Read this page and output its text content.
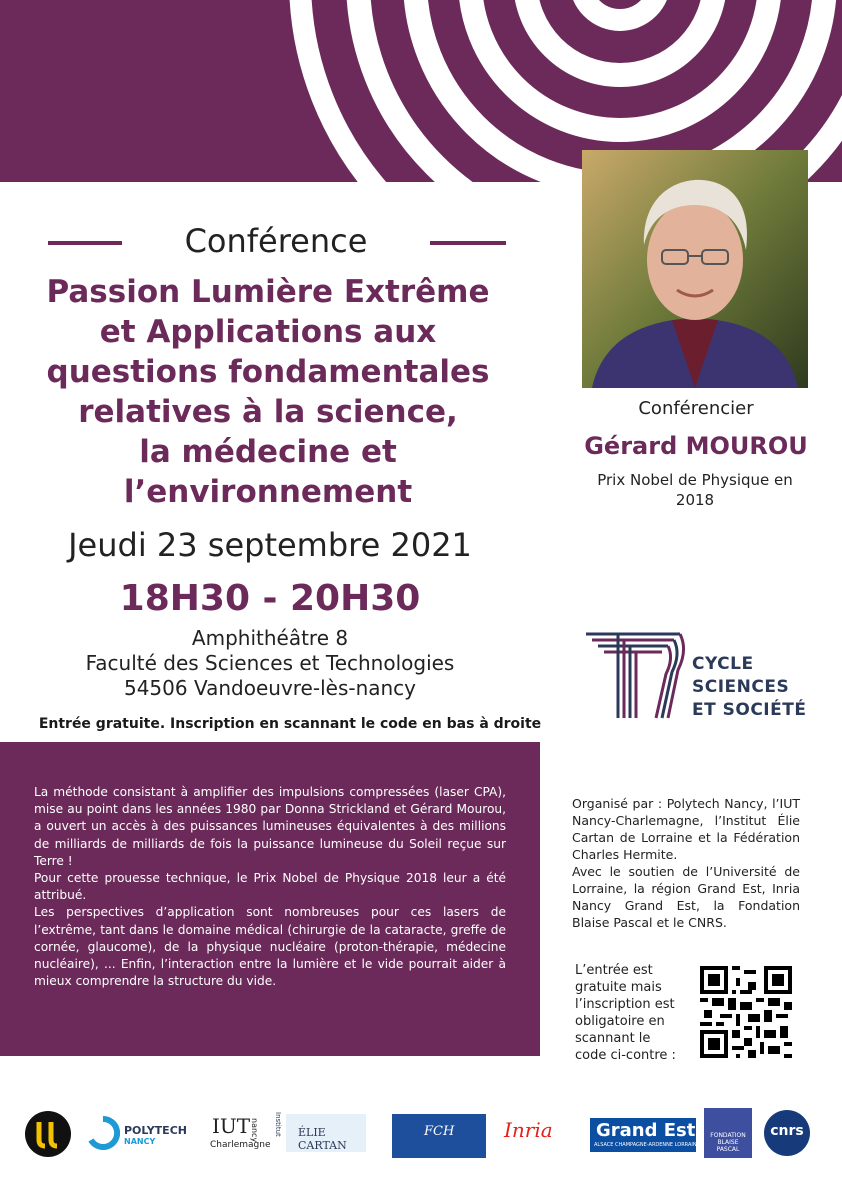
Conférence
Passion Lumière Extrême
et Applications aux
questions fondamentales
relatives à la science,
la médecine et
l’environnement
Jeudi 23 septembre 2021
18H30 - 20H30
Amphithéâtre 8
Faculté des Sciences et Technologies
54506 Vandoeuvre-lès-nancy
Entrée gratuite. Inscription en scannant le code en bas à droite
Conférencier
Gérard MOUROU
Prix Nobel de Physique en
2018
CYCLE
SCIENCES
ET SOCIÉTÉ

La méthode consistant à amplifier des impulsions compressées (laser CPA), mise au point dans les années 1980 par Donna Strickland et Gérard Mourou, a ouvert un accès à des puissances lumineuses équivalentes à des millions de milliards de milliards de fois la puissance lumineuse du Soleil reçue sur Terre !

Pour cette prouesse technique, le Prix Nobel de Physique 2018 leur a été attribué.

Les perspectives d’application sont nombreuses pour ces lasers de l’extrême, tant dans le domaine médical (chirurgie de la cataracte, greffe de cornée, glaucome), de la physique nucléaire (proton-thérapie, médecine nucléaire), ... Enfin, l’interaction entre la lumière et le vide pourrait aider à mieux comprendre la structure du vide.

Organisé par : Polytech Nancy, l’IUT Nancy-Charlemagne, l’Institut Élie Cartan de Lorraine et la Fédération Charles Hermite.

Avec le soutien de l’Université de Lorraine, la région Grand Est, Inria Nancy Grand Est, la Fondation Blaise Pascal et le CNRS.

L’entrée est
gratuite mais
l’inscription est
obligatoire en
scannant le
code ci-contre :
POLYTECH
NANCY
IUT
Charlemagne
nancy Institut ÉLIE CARTAN
FCH Inria	Grand Est
ALSACE CHAMPAGNE-ARDENNE LORRAINE
FONDATION
BLAISE
PASCAL
cnrs
